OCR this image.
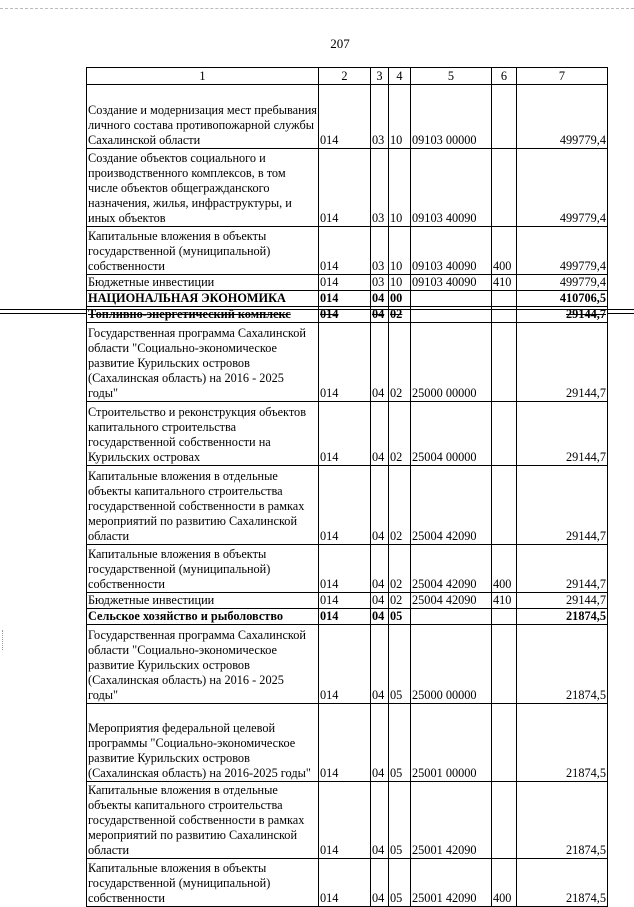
207
1	2	3	4	5	6	7
Создание и модернизация мест пребывания личного состава противопожарной службы Сахалинской области	014	03	10	09103 00000		499779,4
Создание объектов социального и производственного комплексов, в том числе объектов общегражданского назначения, жилья, инфраструктуры, и иных объектов	014	03	10	09103 40090		499779,4
Капитальные вложения в объекты государственной (муниципальной) собственности	014	03	10	09103 40090	400	499779,4
Бюджетные инвестиции	014	03	10	09103 40090	410	499779,4
НАЦИОНАЛЬНАЯ ЭКОНОМИКА	014	04	00			410706,5
Топливно-энергетический комплекс	014	04	02			29144,7
Государственная программа Сахалинской области "Социально-экономическое развитие Курильских островов (Сахалинская область) на 2016 - 2025 годы"	014	04	02	25000 00000		29144,7
Строительство и реконструкция объектов капитального строительства государственной собственности на Курильских островах	014	04	02	25004 00000		29144,7
Капитальные вложения в отдельные объекты капитального строительства государственной собственности в рамках мероприятий по развитию Сахалинской области	014	04	02	25004 42090		29144,7
Капитальные вложения в объекты государственной (муниципальной) собственности	014	04	02	25004 42090	400	29144,7
Бюджетные инвестиции	014	04	02	25004 42090	410	29144,7
Сельское хозяйство и рыболовство	014	04	05			21874,5
Государственная программа Сахалинской области "Социально-экономическое развитие Курильских островов (Сахалинская область) на 2016 - 2025 годы"	014	04	05	25000 00000		21874,5
Мероприятия федеральной целевой программы "Социально-экономическое развитие Курильских островов (Сахалинская область) на 2016-2025 годы"	014	04	05	25001 00000		21874,5
Капитальные вложения в отдельные объекты капитального строительства государственной собственности в рамках мероприятий по развитию Сахалинской области	014	04	05	25001 42090		21874,5
Капитальные вложения в объекты государственной (муниципальной) собственности	014	04	05	25001 42090	400	21874,5
